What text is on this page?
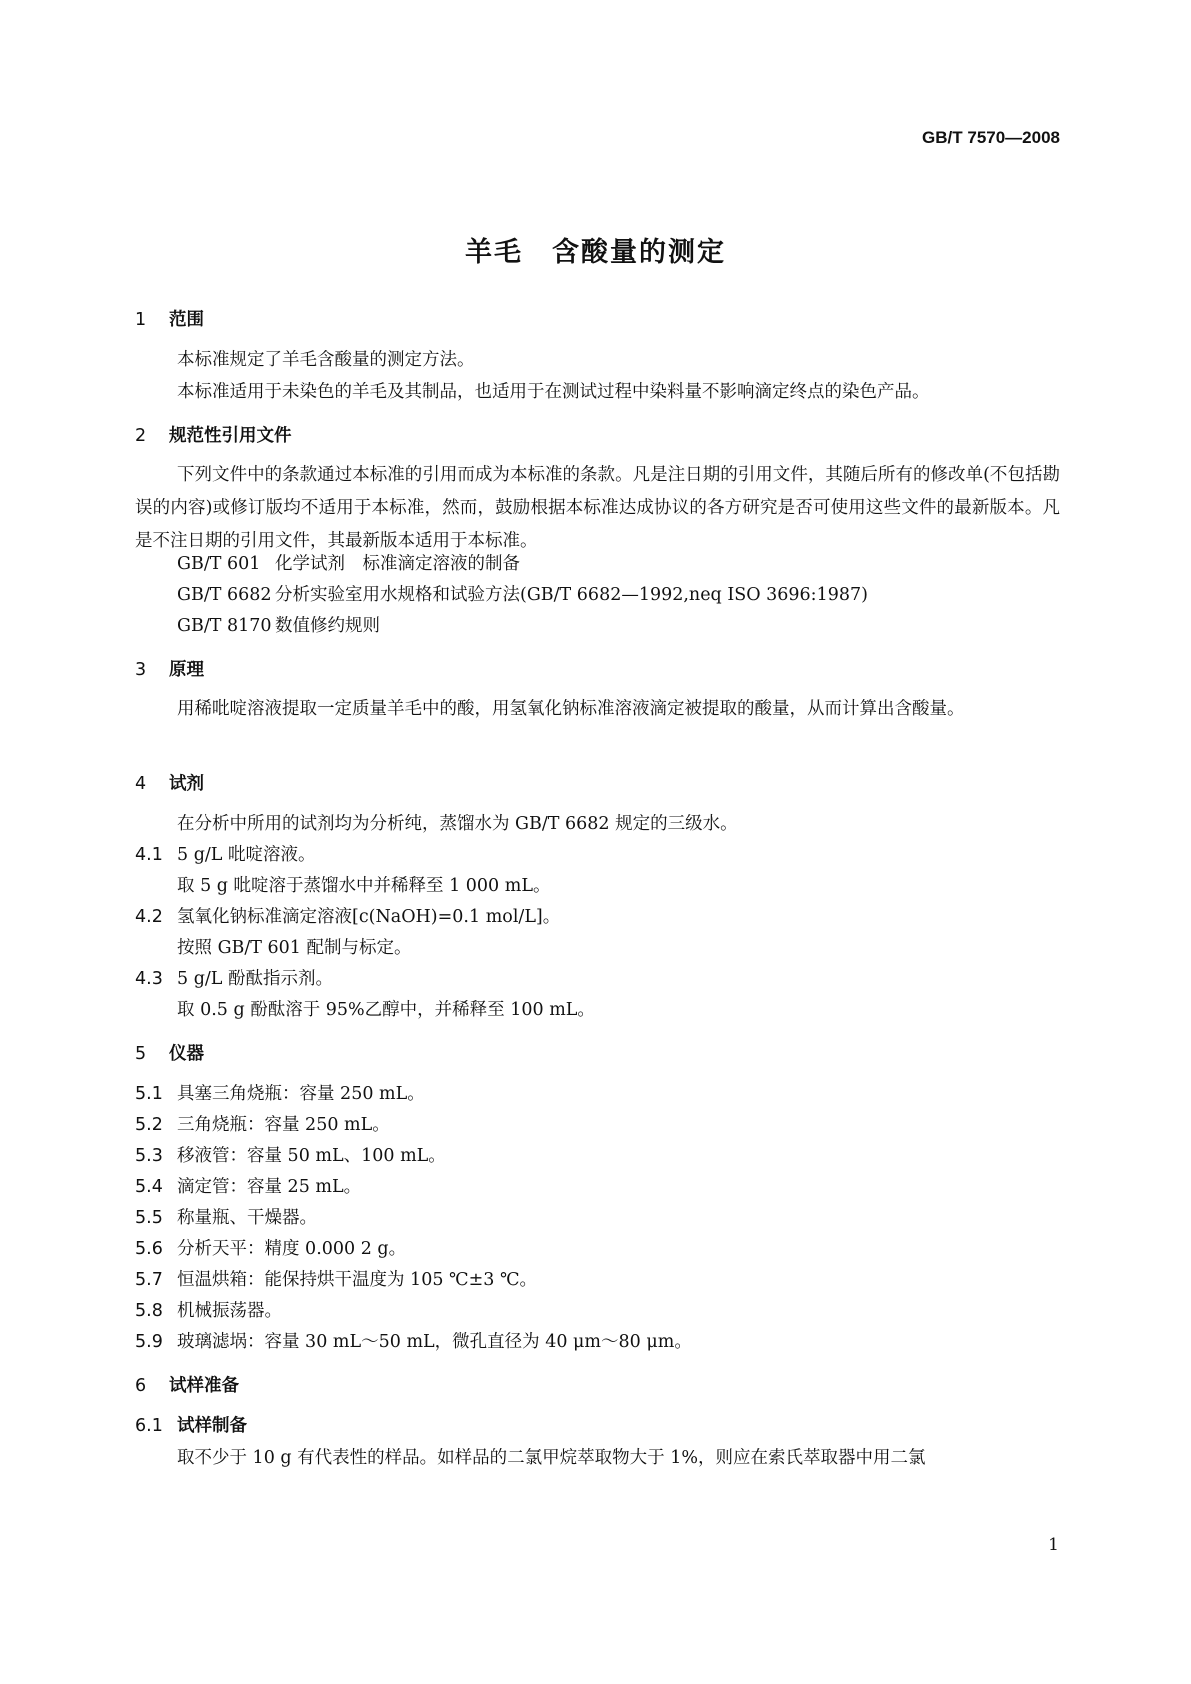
GB/T 7570—2008
羊毛　含酸量的测定
1 范围
本标准规定了羊毛含酸量的测定方法。
本标准适用于未染色的羊毛及其制品，也适用于在测试过程中染料量不影响滴定终点的染色产品。
2 规范性引用文件
下列文件中的条款通过本标准的引用而成为本标准的条款。凡是注日期的引用文件，其随后所有的修改单(不包括勘误的内容)或修订版均不适用于本标准，然而，鼓励根据本标准达成协议的各方研究是否可使用这些文件的最新版本。凡是不注日期的引用文件，其最新版本适用于本标准。
GB/T 601 化学试剂　标准滴定溶液的制备
GB/T 6682 分析实验室用水规格和试验方法(GB/T 6682—1992,neq ISO 3696:1987)
GB/T 8170 数值修约规则
3 原理
用稀吡啶溶液提取一定质量羊毛中的酸，用氢氧化钠标准溶液滴定被提取的酸量，从而计算出含酸量。
4 试剂
在分析中所用的试剂均为分析纯，蒸馏水为 GB/T 6682 规定的三级水。
4.1 5 g/L 吡啶溶液。
取 5 g 吡啶溶于蒸馏水中并稀释至 1 000 mL。
4.2 氢氧化钠标准滴定溶液[c(NaOH)=0.1 mol/L]。
按照 GB/T 601 配制与标定。
4.3 5 g/L 酚酞指示剂。
取 0.5 g 酚酞溶于 95%乙醇中，并稀释至 100 mL。
5 仪器
5.1 具塞三角烧瓶：容量 250 mL。
5.2 三角烧瓶：容量 250 mL。
5.3 移液管：容量 50 mL、100 mL。
5.4 滴定管：容量 25 mL。
5.5 称量瓶、干燥器。
5.6 分析天平：精度 0.000 2 g。
5.7 恒温烘箱：能保持烘干温度为 105 ℃±3 ℃。
5.8 机械振荡器。
5.9 玻璃滤埚：容量 30 mL～50 mL，微孔直径为 40 μm～80 μm。
6 试样准备
6.1 试样制备
取不少于 10 g 有代表性的样品。如样品的二氯甲烷萃取物大于 1%，则应在索氏萃取器中用二氯
1
